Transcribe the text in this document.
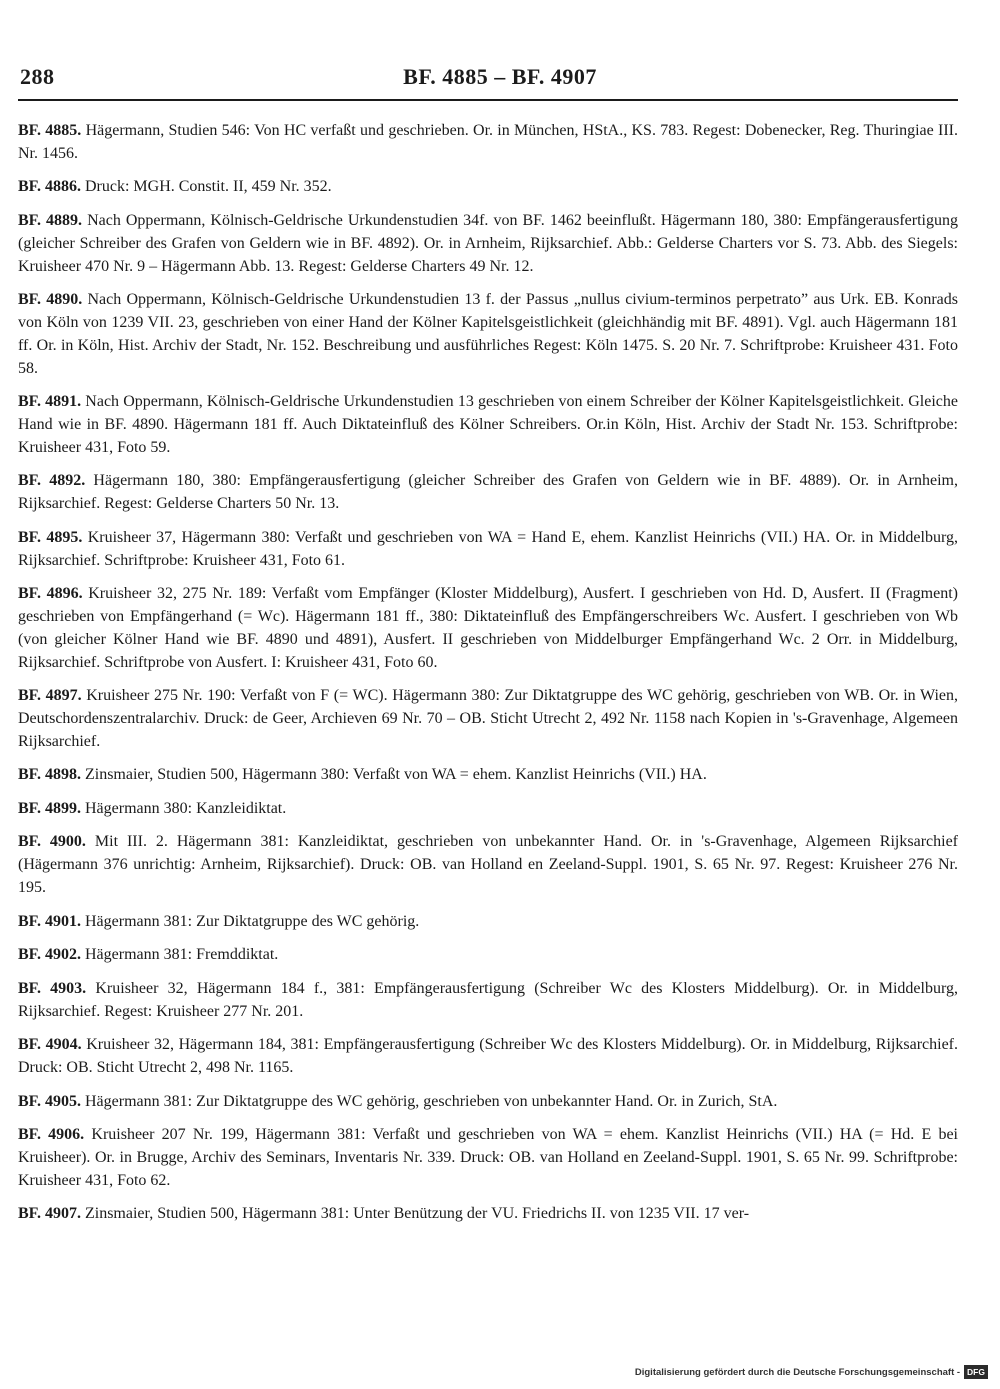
288	BF. 4885 – BF. 4907

BF. 4885. Hägermann, Studien 546: Von HC verfaßt und geschrieben. Or. in München, HStA., KS. 783. Regest: Dobenecker, Reg. Thuringiae III. Nr. 1456.

BF. 4886. Druck: MGH. Constit. II, 459 Nr. 352.

BF. 4889. Nach Oppermann, Kölnisch-Geldrische Urkundenstudien 34f. von BF. 1462 beeinflußt. Hägermann 180, 380: Empfängerausfertigung (gleicher Schreiber des Grafen von Geldern wie in BF. 4892). Or. in Arnheim, Rijksarchief. Abb.: Gelderse Charters vor S. 73. Abb. des Siegels: Kruisheer 470 Nr. 9 – Hägermann Abb. 13. Regest: Gelderse Charters 49 Nr. 12.

BF. 4890. Nach Oppermann, Kölnisch-Geldrische Urkundenstudien 13 f. der Passus „nullus civium-terminos perpetrato” aus Urk. EB. Konrads von Köln von 1239 VII. 23, geschrieben von einer Hand der Kölner Kapitelsgeistlichkeit (gleichhändig mit BF. 4891). Vgl. auch Hägermann 181 ff. Or. in Köln, Hist. Archiv der Stadt, Nr. 152. Beschreibung und ausführliches Regest: Köln 1475. S. 20 Nr. 7. Schriftprobe: Kruisheer 431. Foto 58.

BF. 4891. Nach Oppermann, Kölnisch-Geldrische Urkundenstudien 13 geschrieben von einem Schreiber der Kölner Kapitelsgeistlichkeit. Gleiche Hand wie in BF. 4890. Hägermann 181 ff. Auch Diktateinfluß des Kölner Schreibers. Or.in Köln, Hist. Archiv der Stadt Nr. 153. Schriftprobe: Kruisheer 431, Foto 59.

BF. 4892. Hägermann 180, 380: Empfängerausfertigung (gleicher Schreiber des Grafen von Geldern wie in BF. 4889). Or. in Arnheim, Rijksarchief. Regest: Gelderse Charters 50 Nr. 13.

BF. 4895. Kruisheer 37, Hägermann 380: Verfaßt und geschrieben von WA = Hand E, ehem. Kanzlist Heinrichs (VII.) HA. Or. in Middelburg, Rijksarchief. Schriftprobe: Kruisheer 431, Foto 61.

BF. 4896. Kruisheer 32, 275 Nr. 189: Verfaßt vom Empfänger (Kloster Middelburg), Ausfert. I geschrieben von Hd. D, Ausfert. II (Fragment) geschrieben von Empfängerhand (= Wc). Hägermann 181 ff., 380: Diktateinfluß des Empfängerschreibers Wc. Ausfert. I geschrieben von Wb (von gleicher Kölner Hand wie BF. 4890 und 4891), Ausfert. II geschrieben von Middelburger Empfängerhand Wc. 2 Orr. in Middelburg, Rijksarchief. Schriftprobe von Ausfert. I: Kruisheer 431, Foto 60.

BF. 4897. Kruisheer 275 Nr. 190: Verfaßt von F (= WC). Hägermann 380: Zur Diktatgruppe des WC gehörig, geschrieben von WB. Or. in Wien, Deutschordenszentralarchiv. Druck: de Geer, Archieven 69 Nr. 70 – OB. Sticht Utrecht 2, 492 Nr. 1158 nach Kopien in 's-Gravenhage, Algemeen Rijksarchief.

BF. 4898. Zinsmaier, Studien 500, Hägermann 380: Verfaßt von WA = ehem. Kanzlist Heinrichs (VII.) HA.

BF. 4899. Hägermann 380: Kanzleidiktat.

BF. 4900. Mit III. 2. Hägermann 381: Kanzleidiktat, geschrieben von unbekannter Hand. Or. in 's-Gravenhage, Algemeen Rijksarchief (Hägermann 376 unrichtig: Arnheim, Rijksarchief). Druck: OB. van Holland en Zeeland-Suppl. 1901, S. 65 Nr. 97. Regest: Kruisheer 276 Nr. 195.

BF. 4901. Hägermann 381: Zur Diktatgruppe des WC gehörig.

BF. 4902. Hägermann 381: Fremddiktat.

BF. 4903. Kruisheer 32, Hägermann 184 f., 381: Empfängerausfertigung (Schreiber Wc des Klosters Middelburg). Or. in Middelburg, Rijksarchief. Regest: Kruisheer 277 Nr. 201.

BF. 4904. Kruisheer 32, Hägermann 184, 381: Empfängerausfertigung (Schreiber Wc des Klosters Middelburg). Or. in Middelburg, Rijksarchief. Druck: OB. Sticht Utrecht 2, 498 Nr. 1165.

BF. 4905. Hägermann 381: Zur Diktatgruppe des WC gehörig, geschrieben von unbekannter Hand. Or. in Zurich, StA.

BF. 4906. Kruisheer 207 Nr. 199, Hägermann 381: Verfaßt und geschrieben von WA = ehem. Kanzlist Heinrichs (VII.) HA (= Hd. E bei Kruisheer). Or. in Brugge, Archiv des Seminars, Inventaris Nr. 339. Druck: OB. van Holland en Zeeland-Suppl. 1901, S. 65 Nr. 99. Schriftprobe: Kruisheer 431, Foto 62.

BF. 4907. Zinsmaier, Studien 500, Hägermann 381: Unter Benützung der VU. Friedrichs II. von 1235 VII. 17 ver-

Digitalisierung gefördert durch die Deutsche Forschungsgemeinschaft - DFG
